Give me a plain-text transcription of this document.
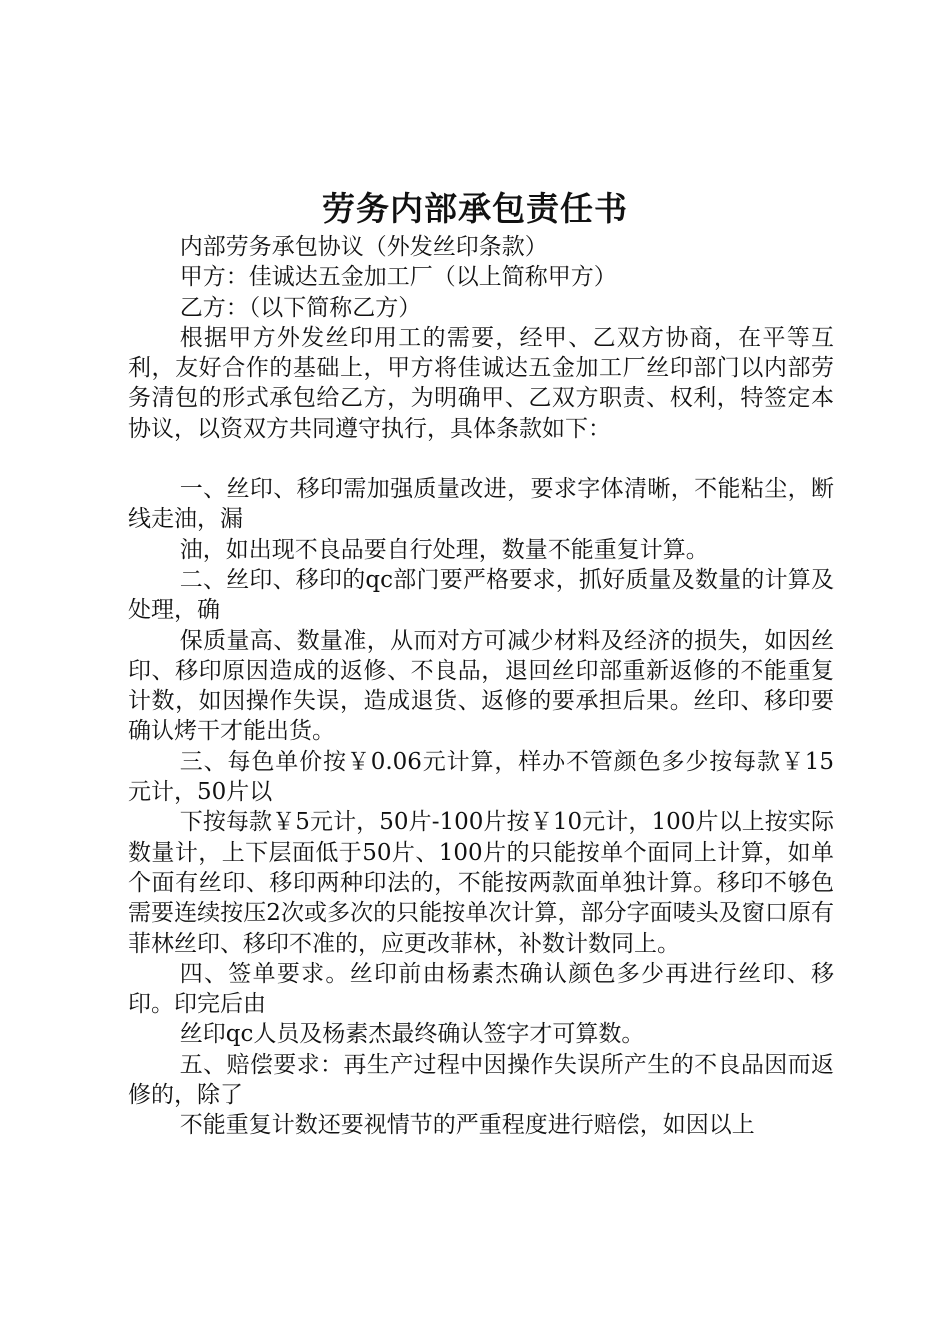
劳务内部承包责任书

内部劳务承包协议（外发丝印条款）

甲方：佳诚达五金加工厂（以上简称甲方）

乙方：（以下简称乙方）

根据甲方外发丝印用工的需要，经甲、乙双方协商，在平等互利，友好合作的基础上，甲方将佳诚达五金加工厂丝印部门以内部劳务清包的形式承包给乙方，为明确甲、乙双方职责、权利，特签定本协议，以资双方共同遵守执行，具体条款如下：

一、丝印、移印需加强质量改进，要求字体清晰，不能粘尘，断线走油，漏

油，如出现不良品要自行处理，数量不能重复计算。

二、丝印、移印的qc部门要严格要求，抓好质量及数量的计算及处理，确

保质量高、数量准，从而对方可减少材料及经济的损失，如因丝印、移印原因造成的返修、不良品，退回丝印部重新返修的不能重复计数，如因操作失误，造成退货、返修的要承担后果。丝印、移印要确认烤干才能出货。

三、每色单价按￥0.06元计算，样办不管颜色多少按每款￥15元计，50片以

下按每款￥5元计，50片-100片按￥10元计，100片以上按实际数量计，上下层面低于50片、100片的只能按单个面同上计算，如单个面有丝印、移印两种印法的，不能按两款面单独计算。移印不够色需要连续按压2次或多次的只能按单次计算，部分字面唛头及窗口原有菲林丝印、移印不准的，应更改菲林，补数计数同上。

四、签单要求。丝印前由杨素杰确认颜色多少再进行丝印、移印。印完后由

丝印qc人员及杨素杰最终确认签字才可算数。

五、赔偿要求：再生产过程中因操作失误所产生的不良品因而返修的，除了

不能重复计数还要视情节的严重程度进行赔偿，如因以上
